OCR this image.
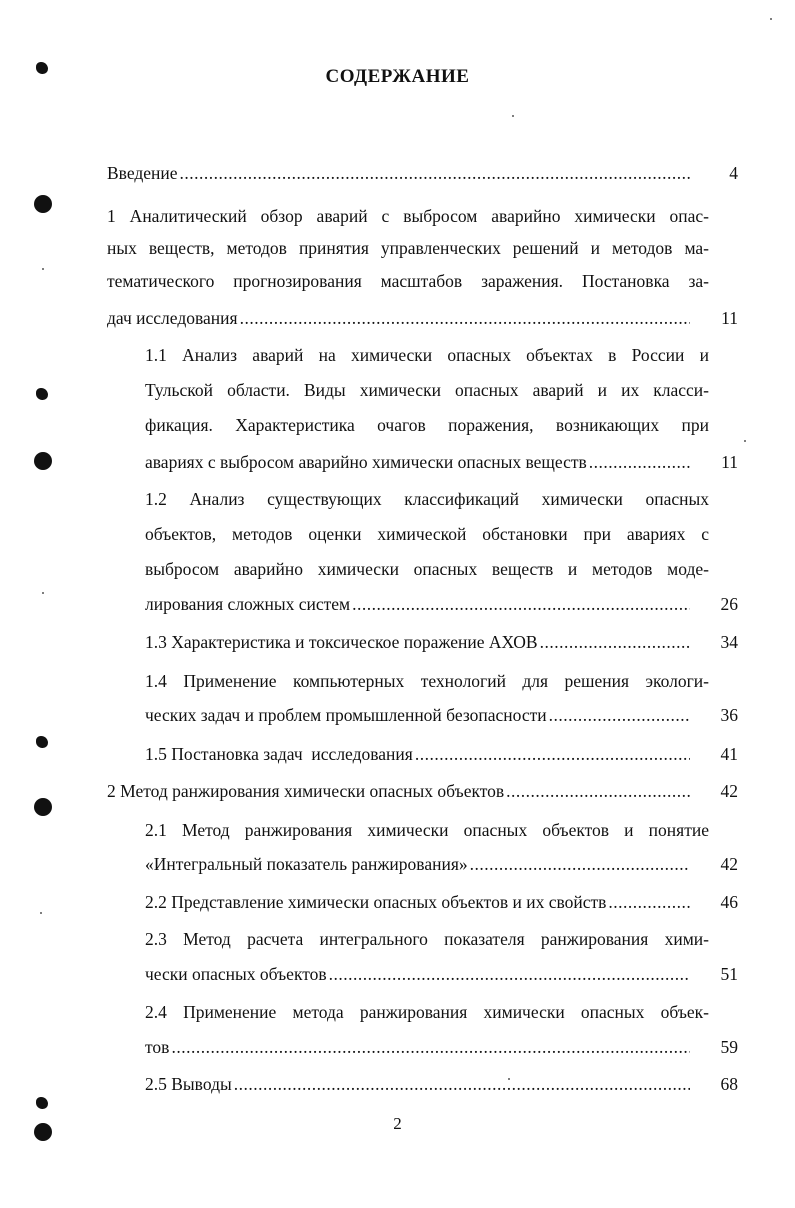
СОДЕРЖАНИЕ
Введение .....	4
1 Аналитический обзор аварий с выбросом аварийно химически опас-
ных веществ, методов принятия управленческих решений и методов ма-
тематического прогнозирования масштабов заражения. Постановка за-
дач исследования .....	11
1.1 Анализ аварий на химически опасных объектах в России и
Тульской области. Виды химически опасных аварий и их класси-
фикация. Характеристика очагов поражения, возникающих при
авариях с выбросом аварийно химически опасных веществ .....	11
1.2 Анализ существующих классификаций химически опасных
объектов, методов оценки химической обстановки при авариях с
выбросом аварийно химически опасных веществ и методов моде-
лирования сложных систем .....	26
1.3 Характеристика и токсическое поражение АХОВ .....	34
1.4 Применение компьютерных технологий для решения экологи-
ческих задач и проблем промышленной безопасности .....	36
1.5 Постановка задач  исследования .....	41
2 Метод ранжирования химически опасных объектов .....	42
2.1 Метод ранжирования химически опасных объектов и понятие
«Интегральный показатель ранжирования» .....	42
2.2 Представление химически опасных объектов и их свойств .....	46
2.3 Метод расчета интегрального показателя ранжирования хими-
чески опасных объектов .....	51
2.4 Применение метода ранжирования химически опасных объек-
тов .....	59
2.5 Выводы .....	68
2
